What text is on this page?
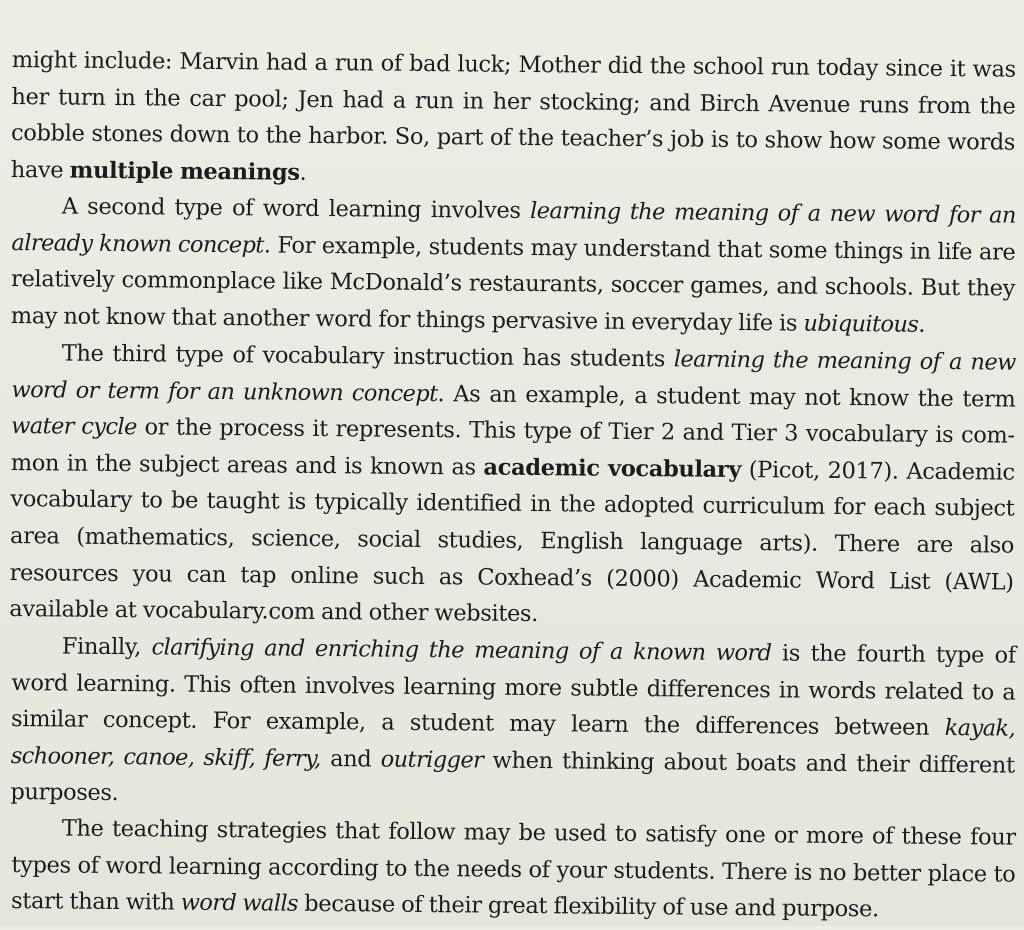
might include: Marvin had a run of bad luck; Mother did the school run today since it was her turn in the car pool; Jen had a run in her stocking; and Birch Avenue runs from the cobble stones down to the harbor. So, part of the teacher’s job is to show how some words have multiple meanings.

A second type of word learning involves learning the meaning of a new word for an already known concept. For example, students may understand that some things in life are relatively commonplace like McDonald’s restaurants, soccer games, and schools. But they may not know that another word for things pervasive in everyday life is ubiquitous.

The third type of vocabulary instruction has students learning the meaning of a new word or term for an unknown concept. As an example, a student may not know the term water cycle or the process it represents. This type of Tier 2 and Tier 3 vocabulary is common in the subject areas and is known as academic vocabulary (Picot, 2017). Academic vocabulary to be taught is typically identified in the adopted curriculum for each subject area (mathematics, science, social studies, English language arts). There are also resources you can tap online such as Coxhead’s (2000) Academic Word List (AWL) available at vocabulary.com and other websites.

Finally, clarifying and enriching the meaning of a known word is the fourth type of word learning. This often involves learning more subtle differences in words related to a similar concept. For example, a student may learn the differences between kayak, schooner, canoe, skiff, ferry, and outrigger when thinking about boats and their different purposes.

The teaching strategies that follow may be used to satisfy one or more of these four types of word learning according to the needs of your students. There is no better place to start than with word walls because of their great flexibility of use and purpose.
